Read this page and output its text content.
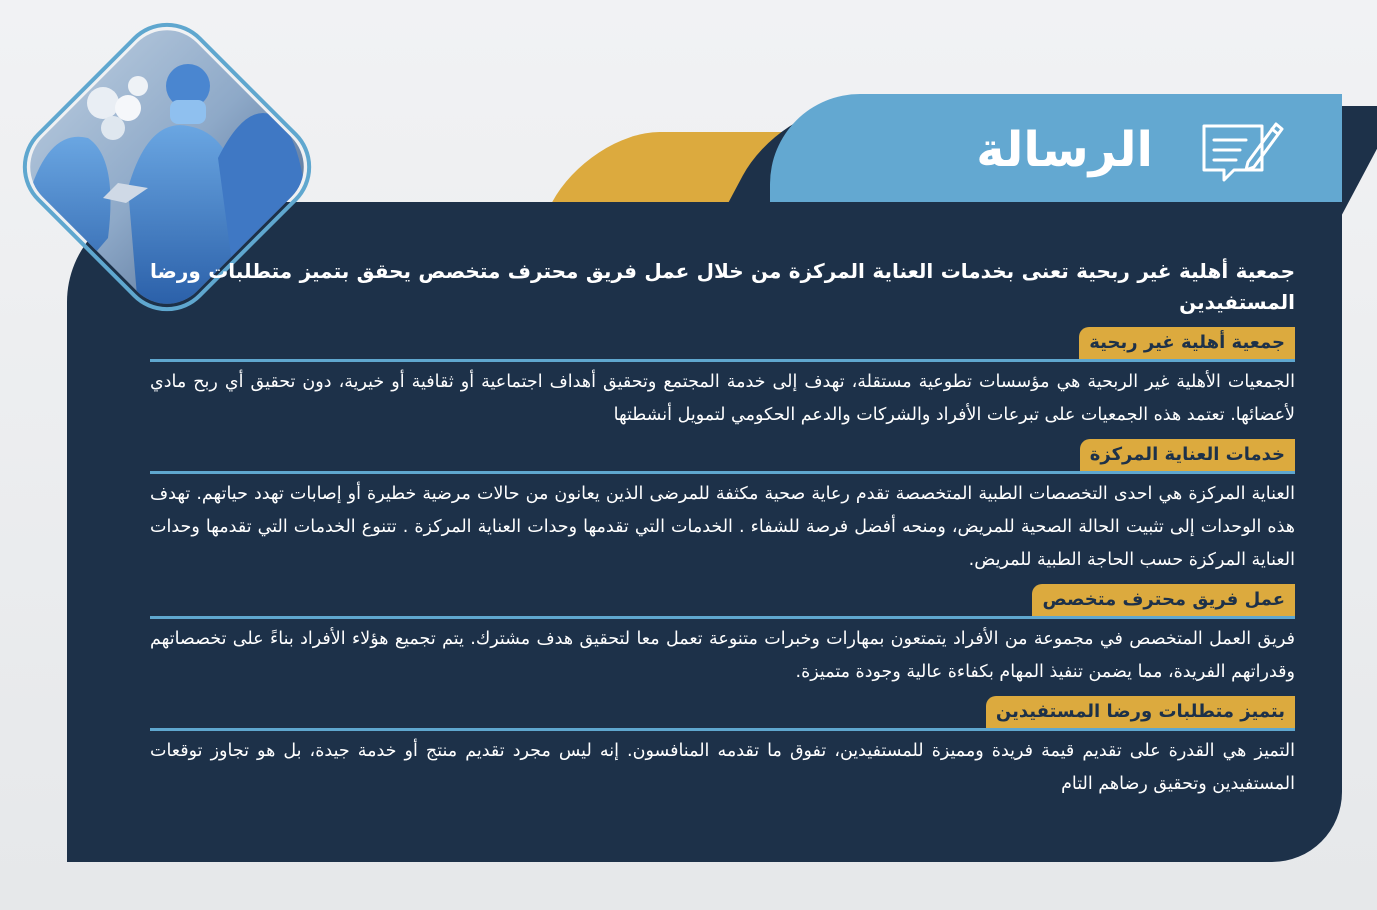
الرسالة

جمعية أهلية غير ربحية تعنى بخدمات العناية المركزة من خلال عمل فريق محترف متخصص يحقق بتميز متطلبات ورضا المستفيدين

جمعية أهلية غير ربحية

الجمعيات الأهلية غير الربحية هي مؤسسات تطوعية مستقلة، تهدف إلى خدمة المجتمع وتحقيق أهداف اجتماعية أو ثقافية أو خيرية، دون تحقيق أي ربح مادي لأعضائها. تعتمد هذه الجمعيات على تبرعات الأفراد والشركات والدعم الحكومي لتمويل أنشطتها

خدمات العناية المركزة

العناية المركزة هي احدى التخصصات الطبية المتخصصة تقدم رعاية صحية مكثفة للمرضى الذين يعانون من حالات مرضية خطيرة أو إصابات تهدد حياتهم. تهدف هذه الوحدات إلى تثبيت الحالة الصحية للمريض، ومنحه أفضل فرصة للشفاء . الخدمات التي تقدمها وحدات العناية المركزة . تتنوع الخدمات التي تقدمها وحدات العناية المركزة حسب الحاجة الطبية للمريض.

عمل فريق محترف متخصص

فريق العمل المتخصص في مجموعة من الأفراد يتمتعون بمهارات وخبرات متنوعة تعمل معا لتحقيق هدف مشترك. يتم تجميع هؤلاء الأفراد بناءً على تخصصاتهم وقدراتهم الفريدة، مما يضمن تنفيذ المهام بكفاءة عالية وجودة متميزة.

بتميز متطلبات ورضا المستفيدين

التميز هي القدرة على تقديم قيمة فريدة ومميزة للمستفيدين، تفوق ما تقدمه المنافسون. إنه ليس مجرد تقديم منتج أو خدمة جيدة، بل هو تجاوز توقعات المستفيدين وتحقيق رضاهم التام
